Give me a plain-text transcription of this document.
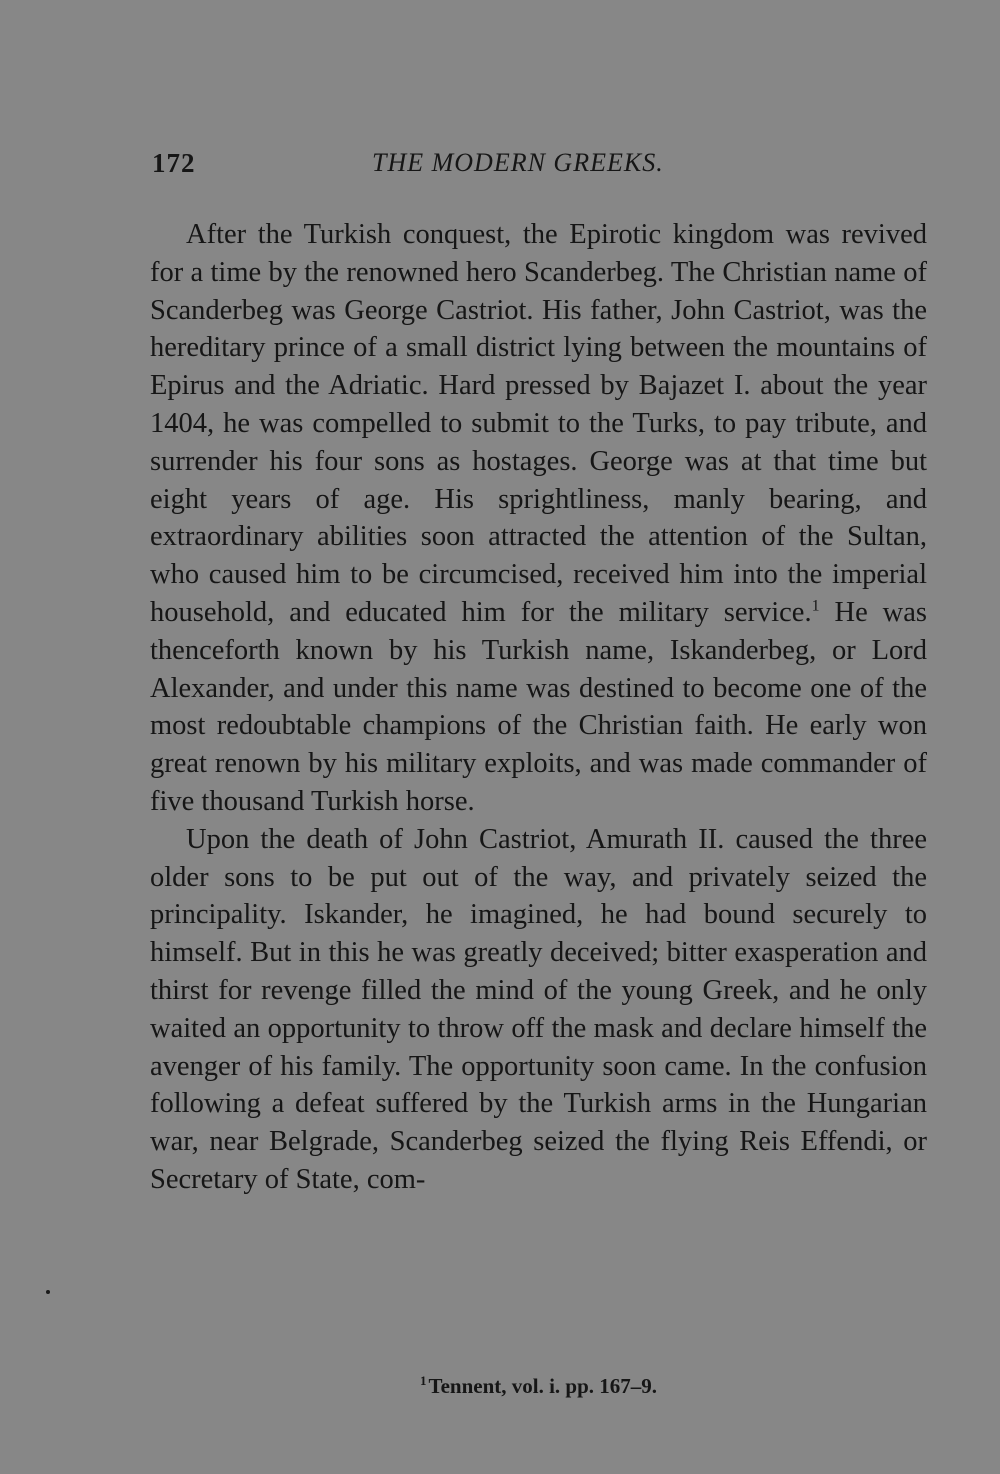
172	THE MODERN GREEKS.

After the Turkish conquest, the Epirotic kingdom was revived for a time by the renowned hero Scanderbeg. The Christian name of Scanderbeg was George Castriot. His father, John Castriot, was the hereditary prince of a small district lying between the mountains of Epirus and the Adriatic. Hard pressed by Bajazet I. about the year 1404, he was compelled to submit to the Turks, to pay tribute, and surrender his four sons as hostages. George was at that time but eight years of age. His sprightliness, manly bearing, and extraordinary abilities soon attracted the attention of the Sultan, who caused him to be circumcised, received him into the imperial household, and educated him for the military service.$^1$ He was thenceforth known by his Turkish name, Iskanderbeg, or Lord Alexander, and under this name was destined to become one of the most redoubtable champions of the Christian faith. He early won great renown by his military exploits, and was made commander of five thousand Turkish horse.

Upon the death of John Castriot, Amurath II. caused the three older sons to be put out of the way, and privately seized the principality. Iskander, he imagined, he had bound securely to himself. But in this he was greatly deceived; bitter exasperation and thirst for revenge filled the mind of the young Greek, and he only waited an opportunity to throw off the mask and declare himself the avenger of his family. The opportunity soon came. In the confusion following a defeat suffered by the Turkish arms in the Hungarian war, near Belgrade, Scanderbeg seized the flying Reis Effendi, or Secretary of State, com-

$^1$Tennent, vol. i. pp. 167–9.
